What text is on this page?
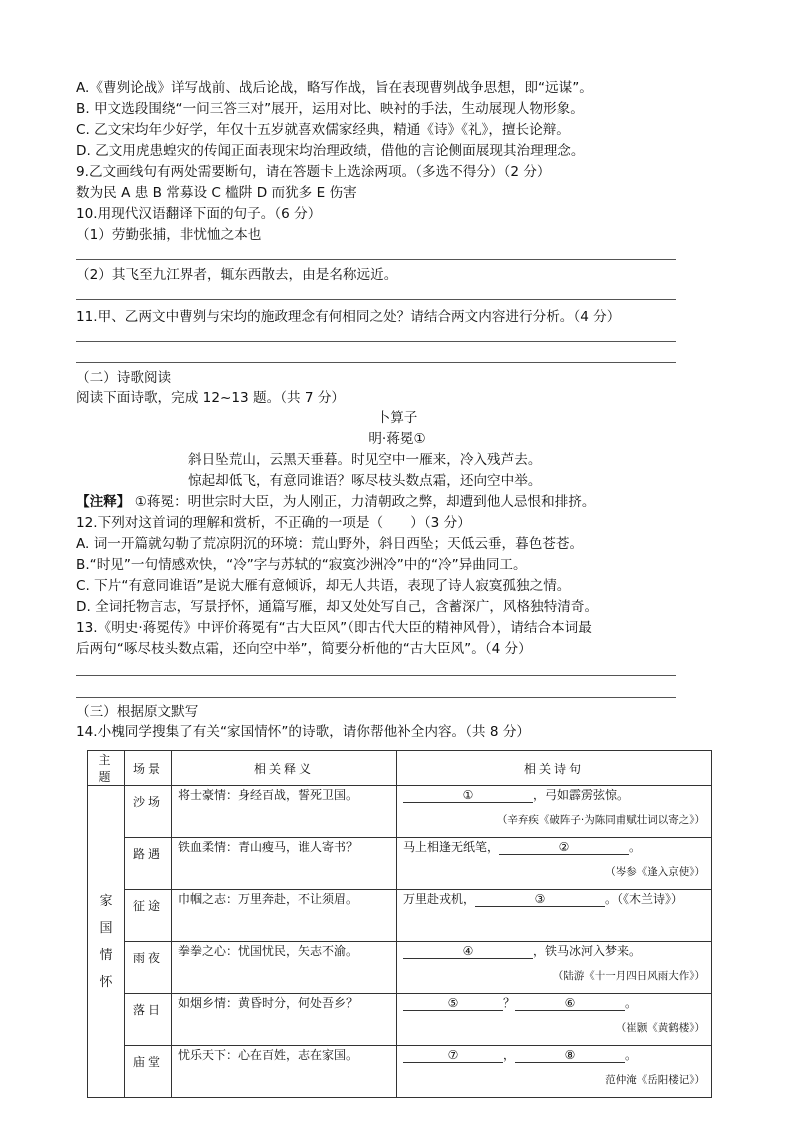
A.《曹刿论战》详写战前、战后论战，略写作战，旨在表现曹刿战争思想，即“远谋”。
B. 甲文选段围绕“一问三答三对”展开，运用对比、映衬的手法，生动展现人物形象。
C. 乙文宋均年少好学，年仅十五岁就喜欢儒家经典，精通《诗》《礼》，擅长论辩。
D. 乙文用虎患蝗灾的传闻正面表现宋均治理政绩，借他的言论侧面展现其治理理念。
9.乙文画线句有两处需要断句，请在答题卡上选涂两项。（多选不得分）（2 分）
数为民 A 患 B 常募设 C 槛阱 D 而犹多 E 伤害
10.用现代汉语翻译下面的句子。（6 分）
（1）劳勤张捕，非忧恤之本也
（2）其飞至九江界者，辄东西散去，由是名称远近。
11.甲、乙两文中曹刿与宋均的施政理念有何相同之处？请结合两文内容进行分析。（4 分）
（二）诗歌阅读
阅读下面诗歌，完成 12~13 题。（共 7 分）
卜算子
明·蒋冕①
斜日坠荒山，云黑天垂暮。时见空中一雁来，冷入残芦去。
惊起却低飞，有意同谁语？啄尽枝头数点霜，还向空中举。
【注释】 ①蒋冕：明世宗时大臣，为人刚正，力清朝政之弊，却遭到他人忌恨和排挤。
12.下列对这首词的理解和赏析，不正确的一项是（　　）（3 分）
A. 词一开篇就勾勒了荒凉阴沉的环境：荒山野外，斜日西坠；天低云垂，暮色苍苍。
B.“时见”一句情感欢快，“冷”字与苏轼的“寂寞沙洲冷”中的“冷”异曲同工。
C. 下片“有意同谁语”是说大雁有意倾诉，却无人共语，表现了诗人寂寞孤独之情。
D. 全词托物言志，写景抒怀，通篇写雁，却又处处写自己，含蓄深广，风格独特清奇。
13.《明史·蒋冕传》中评价蒋冕有“古大臣风”（即古代大臣的精神风骨），请结合本词最
后两句“啄尽枝头数点霜，还向空中举”，简要分析他的“古大臣风”。（4 分）
（三）根据原文默写
14.小槐同学搜集了有关“家国情怀”的诗歌，请你帮他补全内容。（共 8 分）
主题	场景	相关释义	相关诗句
家国情怀	沙场	将士豪情：身经百战，誓死卫国。	① ，弓如霹雳弦惊。
（辛弃疾《破阵子·为陈同甫赋壮词以寄之》）

	路遇	铁血柔情：青山瘦马，谁人寄书？	马上相逢无纸笔， ② 。
（岑参《逢入京使》）

	征途	巾帼之志：万里奔赴，不让须眉。	万里赴戎机， ③ 。（《木兰诗》）
	雨夜	拳拳之心：忧国忧民，矢志不渝。	④ ，铁马冰河入梦来。
（陆游《十一月四日风雨大作》）

	落日	如烟乡情：黄昏时分，何处吾乡？	⑤ ？ ⑥ 。
（崔颢《黄鹤楼》）

	庙堂	忧乐天下：心在百姓，志在家国。	⑦ ， ⑧ 。
范仲淹《岳阳楼记》）
